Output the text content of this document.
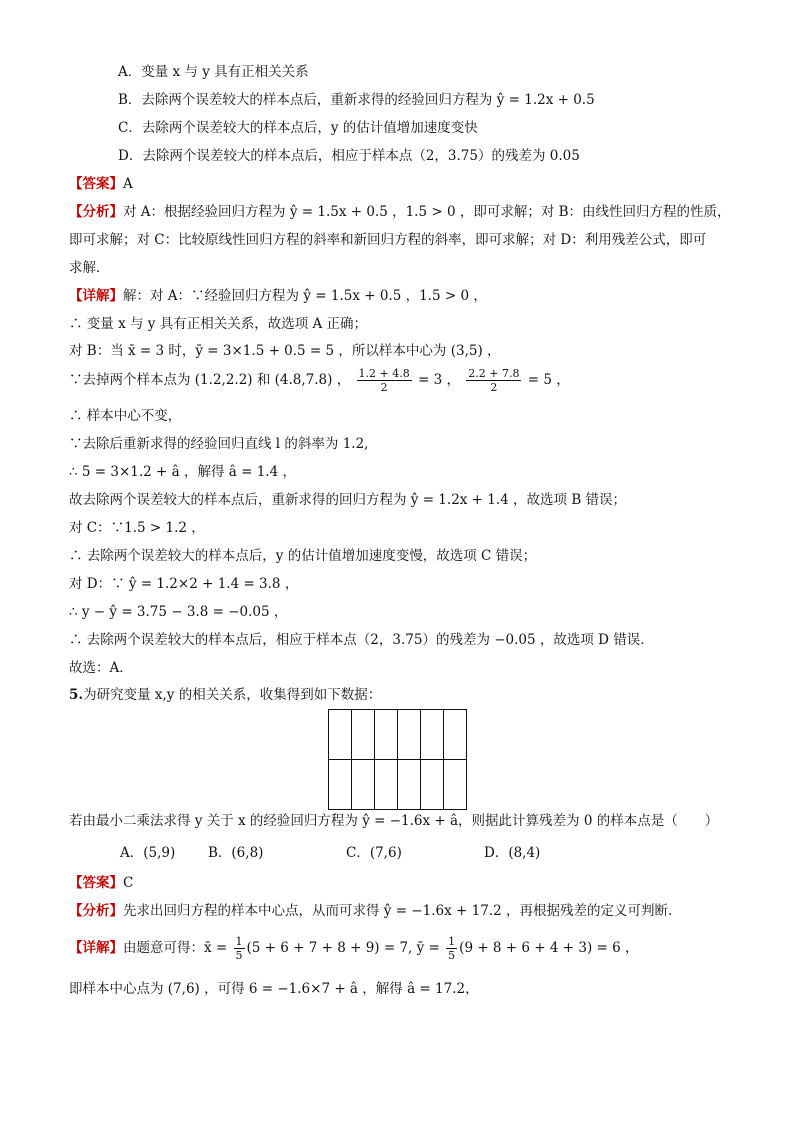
A．变量 x 与 y 具有正相关关系
B．去除两个误差较大的样本点后，重新求得的经验回归方程为 ŷ = 1.2x + 0.5
C．去除两个误差较大的样本点后，y 的估计值增加速度变快
D．去除两个误差较大的样本点后，相应于样本点（2，3.75）的残差为 0.05
【答案】A
【分析】对 A：根据经验回归方程为 ŷ = 1.5x + 0.5 ，1.5 > 0 ，即可求解；对 B：由线性回归方程的性质，
即可求解；对 C：比较原线性回归方程的斜率和新回归方程的斜率，即可求解；对 D：利用残差公式，即可
求解．
【详解】解：对 A：∵经验回归方程为 ŷ = 1.5x + 0.5 ，1.5 > 0 ，
∴ 变量 x 与 y 具有正相关关系，故选项 A 正确；
对 B：当 x̄ = 3 时，ȳ = 3×1.5 + 0.5 = 5 ，所以样本中心为 (3,5) ，
∵去掉两个样本点为 (1.2,2.2) 和 (4.8,7.8) ， $\frac{1.2 + 4.8}{2} = 3$ ， $\frac{2.2 + 7.8}{2} = 5$ ，
∴ 样本中心不变，
∵去除后重新求得的经验回归直线 l 的斜率为 1.2,
∴ 5 = 3×1.2 + â ，解得 â = 1.4 ，
故去除两个误差较大的样本点后，重新求得的回归方程为 ŷ = 1.2x + 1.4 ，故选项 B 错误；
对 C：∵1.5 > 1.2 ，
∴ 去除两个误差较大的样本点后，y 的估计值增加速度变慢，故选项 C 错误；
对 D：∵ ŷ = 1.2×2 + 1.4 = 3.8 ，
∴ y − ŷ = 3.75 − 3.8 = −0.05 ，
∴ 去除两个误差较大的样本点后，相应于样本点（2，3.75）的残差为 −0.05 ，故选项 D 错误．
故选：A．
5.为研究变量 x,y 的相关关系，收集得到如下数据：

若由最小二乘法求得 y 关于 x 的经验回归方程为 ŷ = −1.6x + â，则据此计算残差为 0 的样本点是（　　）
A．(5,9) B．(6,8)	C．(7,6)	D．(8,4)
【答案】C
【分析】先求出回归方程的样本中心点，从而可求得 ŷ = −1.6x + 17.2 ，再根据残差的定义可判断.
【详解】由题意可得：x̄ = $\frac{1}{5} (5 + 6 + 7 + 8 + 9) = 7$, ȳ = $\frac{1}{5} (9 + 8 + 6 + 4 + 3) = 6$ ，
即样本中心点为 (7,6) ，可得 6 = −1.6×7 + â ，解得 â = 17.2，
